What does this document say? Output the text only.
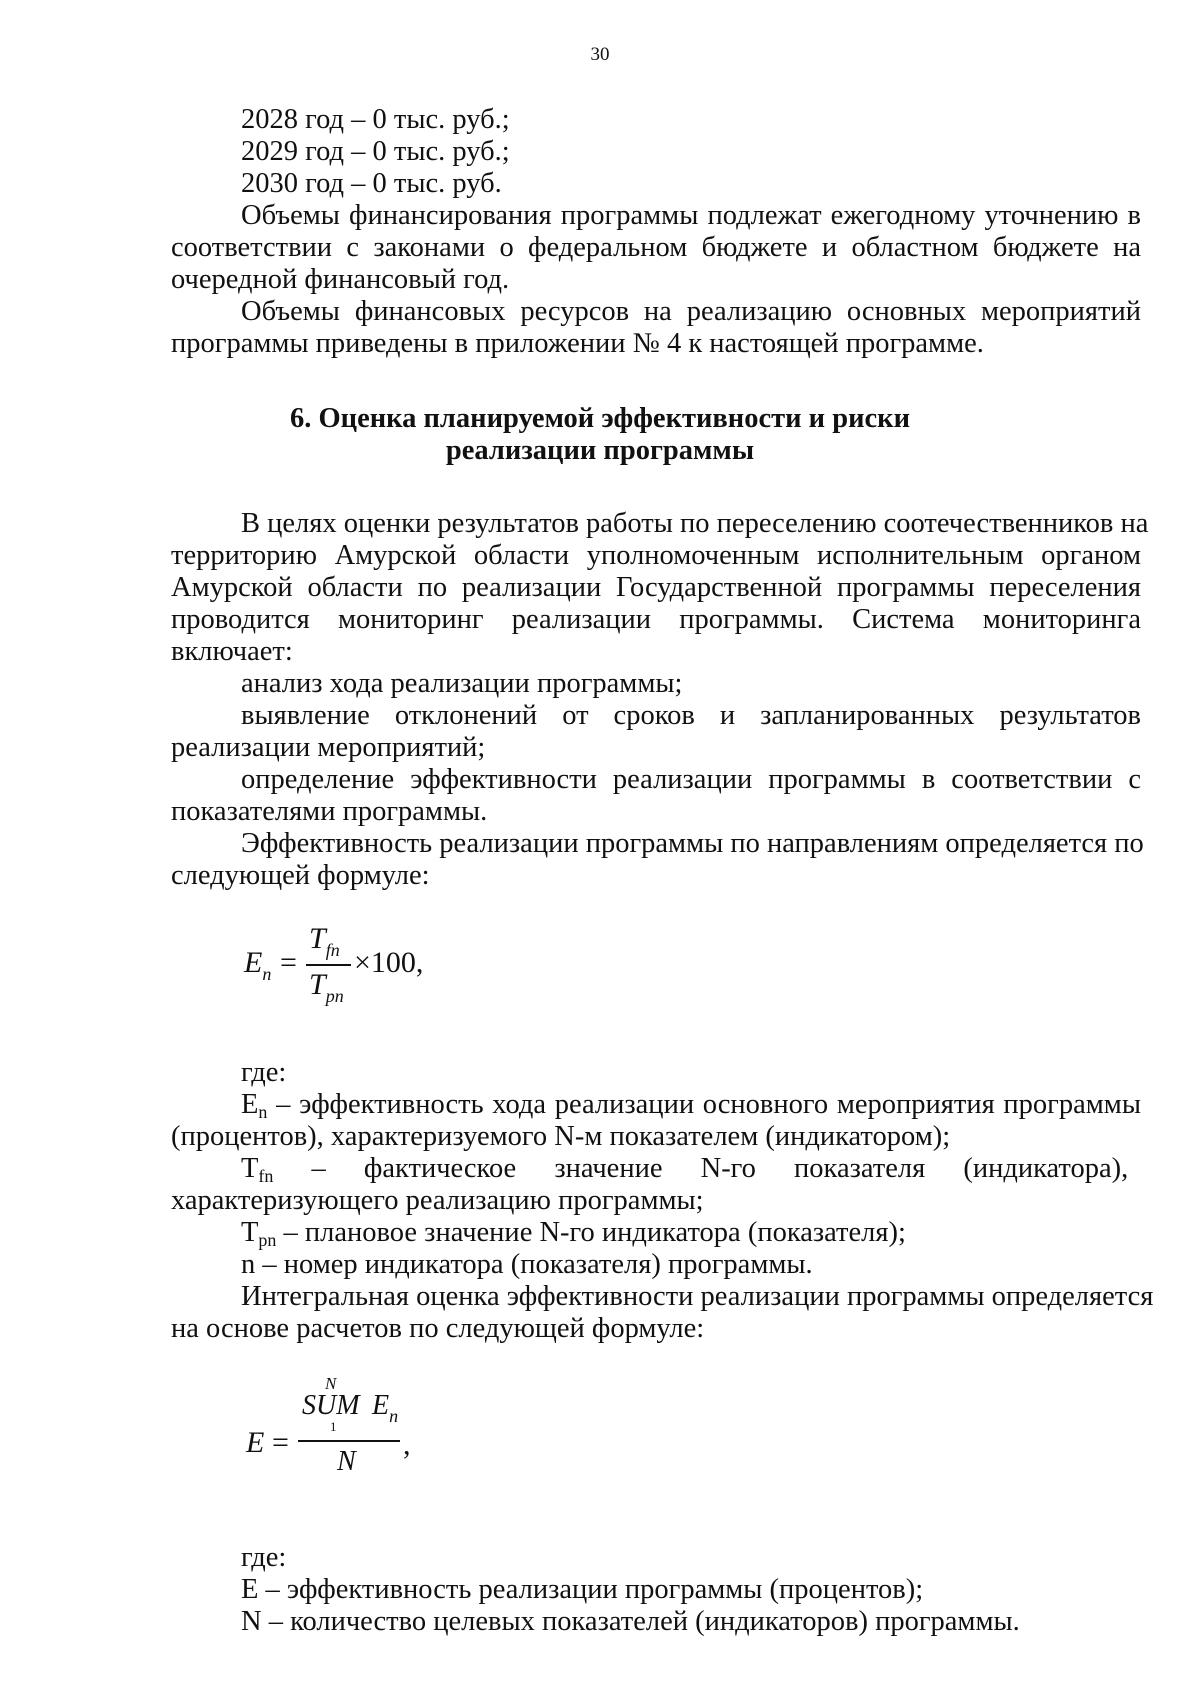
30
2028 год – 0 тыс. руб.;
2029 год – 0 тыс. руб.;
2030 год – 0 тыс. руб.
Объемы финансирования программы подлежат ежегодному уточнению в
соответствии с законами о федеральном бюджете и областном бюджете на
очередной финансовый год.
Объемы финансовых ресурсов на реализацию основных мероприятий
программы приведены в приложении № 4 к настоящей программе.
6. Оценка планируемой эффективности и риски
реализации программы
В целях оценки результатов работы по переселению соотечественников на
территорию Амурской области уполномоченным исполнительным органом
Амурской области по реализации Государственной программы переселения
проводится мониторинг реализации программы. Система мониторинга
включает:
анализ хода реализации программы;
выявление отклонений от сроков и запланированных результатов
реализации мероприятий;
определение эффективности реализации программы в соответствии с
показателями программы.
Эффективность реализации программы по направлениям определяется по
следующей формуле:
$E_n$ =
$T_{fn}$
$T_{pn}$
×100,
где:
En – эффективность хода реализации основного мероприятия программы
(процентов), характеризуемого N-м показателем (индикатором);
Tfn – фактическое значение N-го показателя (индикатора),
характеризующего реализацию программы;
Tpn – плановое значение N-го индикатора (показателя);
n – номер индикатора (показателя) программы.
Интегральная оценка эффективности реализации программы определяется
на основе расчетов по следующей формуле:
E =
N
SUM
1
$E_n$
N
,
где:
E – эффективность реализации программы (процентов);
N – количество целевых показателей (индикаторов) программы.
